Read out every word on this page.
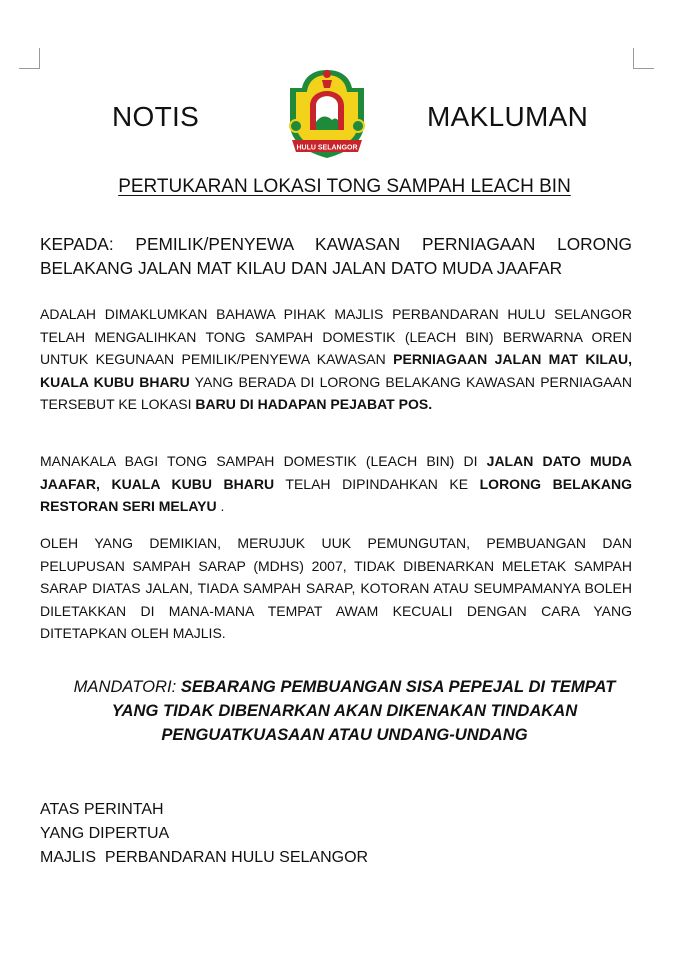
NOTIS	MAKLUMAN
HULU SELANGOR
PERTUKARAN LOKASI TONG SAMPAH LEACH BIN
KEPADA: PEMILIK/PENYEWA KAWASAN PERNIAGAAN LORONG BELAKANG JALAN MAT KILAU DAN JALAN DATO MUDA JAAFAR

ADALAH DIMAKLUMKAN BAHAWA PIHAK MAJLIS PERBANDARAN HULU SELANGOR TELAH MENGALIHKAN TONG SAMPAH DOMESTIK (LEACH BIN) BERWARNA OREN UNTUK KEGUNAAN PEMILIK/PENYEWA KAWASAN PERNIAGAAN JALAN MAT KILAU, KUALA KUBU BHARU YANG BERADA DI LORONG BELAKANG KAWASAN PERNIAGAAN TERSEBUT KE LOKASI BARU DI HADAPAN PEJABAT POS.

MANAKALA BAGI TONG SAMPAH DOMESTIK (LEACH BIN) DI JALAN DATO MUDA JAAFAR, KUALA KUBU BHARU TELAH DIPINDAHKAN KE LORONG BELAKANG RESTORAN SERI MELAYU .

OLEH YANG DEMIKIAN, MERUJUK UUK PEMUNGUTAN, PEMBUANGAN DAN PELUPUSAN SAMPAH SARAP (MDHS) 2007, TIDAK DIBENARKAN MELETAK SAMPAH SARAP DIATAS JALAN, TIADA SAMPAH SARAP, KOTORAN ATAU SEUMPAMANYA BOLEH DILETAKKAN DI MANA-MANA TEMPAT AWAM KECUALI DENGAN CARA YANG DITETAPKAN OLEH MAJLIS.

MANDATORI: SEBARANG PEMBUANGAN SISA PEPEJAL DI TEMPAT
YANG TIDAK DIBENARKAN AKAN DIKENAKAN TINDAKAN
PENGUATKUASAAN ATAU UNDANG-UNDANG
ATAS PERINTAH
YANG DIPERTUA
MAJLIS  PERBANDARAN HULU SELANGOR
